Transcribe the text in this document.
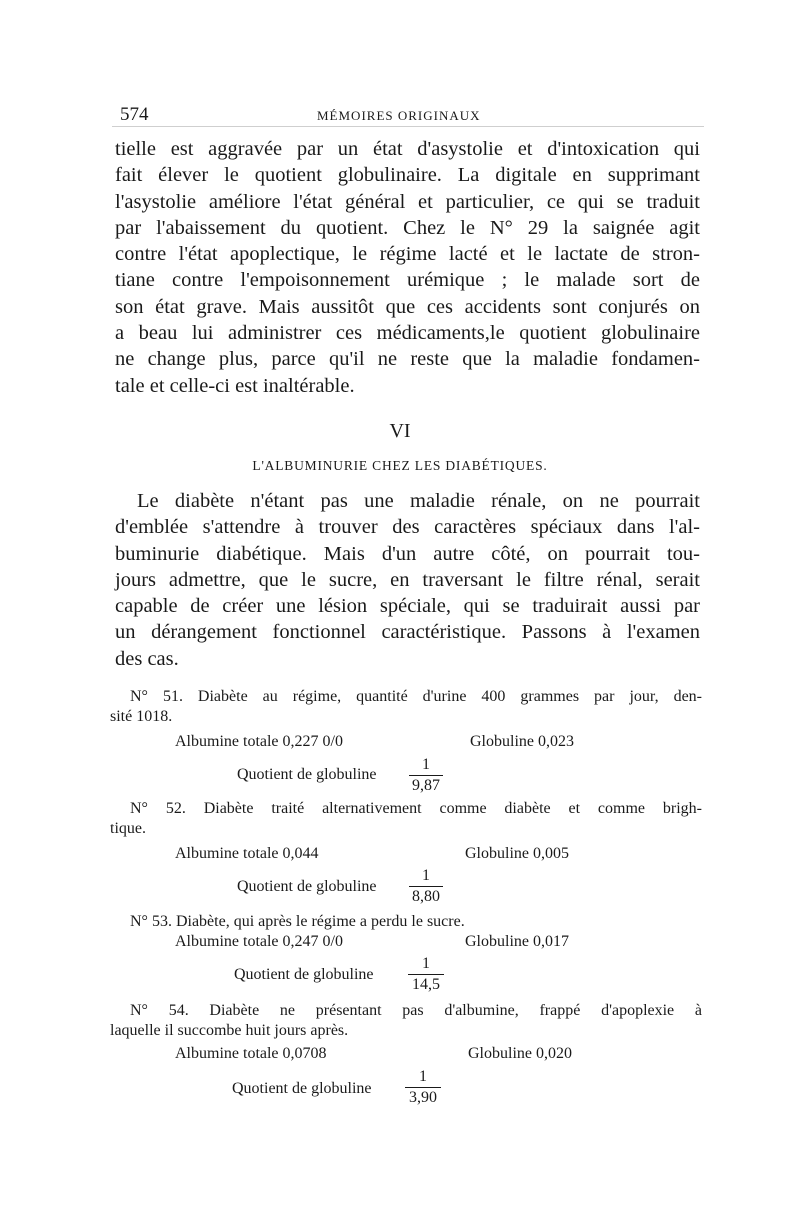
574	MÉMOIRES ORIGINAUX

tielle est aggravée par un état d'asystolie et d'intoxication qui
fait élever le quotient globulinaire. La digitale en supprimant
l'asystolie améliore l'état général et particulier, ce qui se traduit
par l'abaissement du quotient. Chez le N° 29 la saignée agit
contre l'état apoplectique, le régime lacté et le lactate de stron-
tiane contre l'empoisonnement urémique ; le malade sort de
son état grave. Mais aussitôt que ces accidents sont conjurés on
a beau lui administrer ces médicaments,le quotient globulinaire
ne change plus, parce qu'il ne reste que la maladie fondamen-
tale et celle-ci est inaltérable.

VI
L'ALBUMINURIE CHEZ LES DIABÉTIQUES.

Le diabète n'étant pas une maladie rénale, on ne pourrait
d'emblée s'attendre à trouver des caractères spéciaux dans l'al-
buminurie diabétique. Mais d'un autre côté, on pourrait tou-
jours admettre, que le sucre, en traversant le filtre rénal, serait
capable de créer une lésion spéciale, qui se traduirait aussi par
un dérangement fonctionnel caractéristique. Passons à l'examen
des cas.

N° 51. Diabète au régime, quantité d'urine 400 grammes par jour, den-
sité 1018.

Albumine totale 0,227 0/0	Globuline 0,023
Quotient de globuline
1
9,87

N° 52. Diabète traité alternativement comme diabète et comme brigh-
tique.

Albumine totale 0,044	Globuline 0,005
Quotient de globuline
1
8,80

N° 53. Diabète, qui après le régime a perdu le sucre.

Albumine totale 0,247 0/0	Globuline 0,017
Quotient de globuline
1
14,5

N° 54. Diabète ne présentant pas d'albumine, frappé d'apoplexie à
laquelle il succombe huit jours après.

Albumine totale 0,0708	Globuline 0,020
Quotient de globuline
1
3,90
